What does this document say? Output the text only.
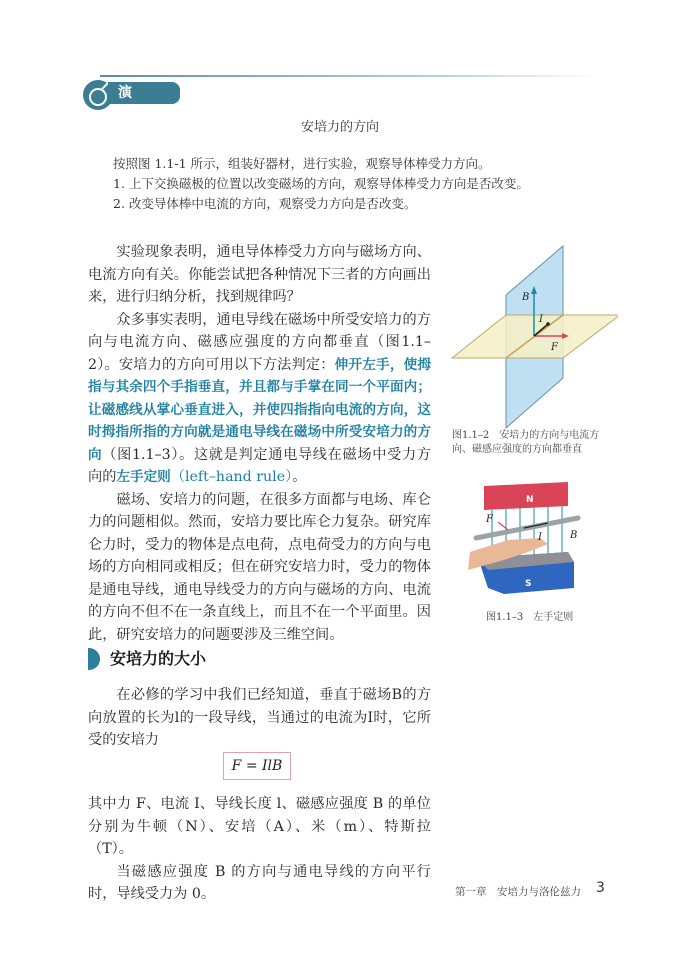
演 示
安培力的方向
按照图 1.1-1 所示，组装好器材，进行实验，观察导体棒受力方向。
1. 上下交换磁极的位置以改变磁场的方向，观察导体棒受力方向是否改变。
2. 改变导体棒中电流的方向，观察受力方向是否改变。

实验现象表明，通电导体棒受力方向与磁场方向、电流方向有关。你能尝试把各种情况下三者的方向画出来，进行归纳分析，找到规律吗？

众多事实表明，通电导线在磁场中所受安培力的方向与电流方向、磁感应强度的方向都垂直（图1.1–2）。安培力的方向可用以下方法判定：伸开左手，使拇指与其余四个手指垂直，并且都与手掌在同一个平面内；让磁感线从掌心垂直进入，并使四指指向电流的方向，这时拇指所指的方向就是通电导线在磁场中所受安培力的方向（图1.1–3）。这就是判定通电导线在磁场中受力方向的左手定则（left–hand rule）。

磁场、安培力的问题，在很多方面都与电场、库仑力的问题相似。然而，安培力要比库仑力复杂。研究库仑力时，受力的物体是点电荷，点电荷受力的方向与电场的方向相同或相反；但在研究安培力时，受力的物体是通电导线，通电导线受力的方向与磁场的方向、电流的方向不但不在一条直线上，而且不在一个平面里。因此，研究安培力的问题要涉及三维空间。

B
I
F
图1.1–2　安培力的方向与电流方向、磁感应强度的方向都垂直
N
S
F
I	B
图1.1–3　左手定则
安培力的大小

在必修的学习中我们已经知道，垂直于磁场B的方向放置的长为l的一段导线，当通过的电流为I时，它所受的安培力

F = IlB

其中力 F、电流 I、导线长度 l、磁感应强度 B 的单位分别为牛顿（N）、安培（A）、米（m）、特斯拉（T）。

当磁感应强度 B 的方向与通电导线的方向平行时，导线受力为 0。	第一章　安培力与洛伦兹力 3
